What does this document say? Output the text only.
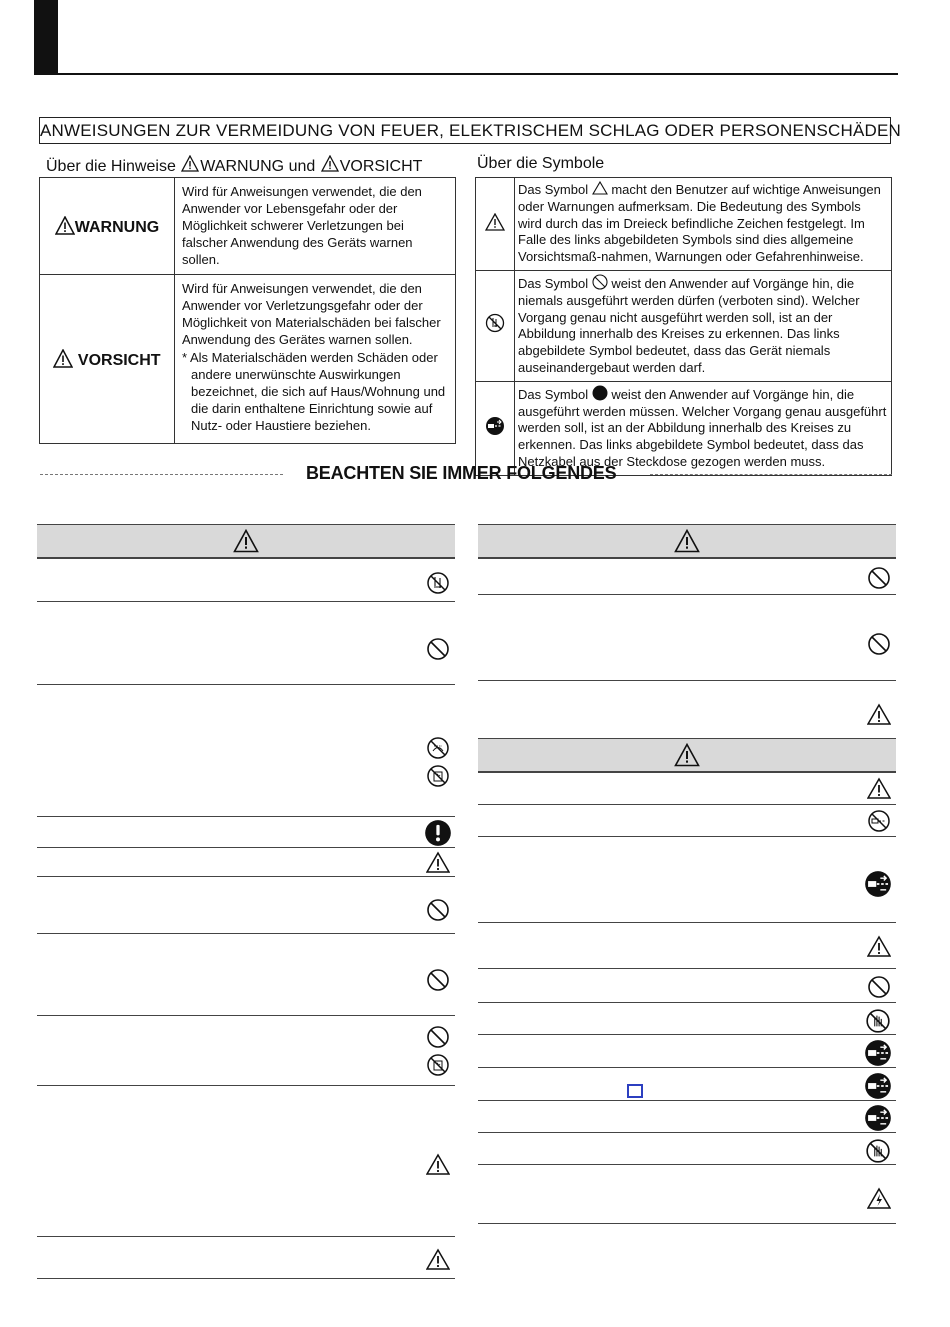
ANWEISUNGEN ZUR VERMEIDUNG VON FEUER, ELEKTRISCHEM SCHLAG ODER PERSONENSCHÄDEN
Über die Hinweise WARNUNG und VORSICHT
WARNUNG	Wird für Anweisungen verwendet, die den Anwender vor Lebensgefahr oder der Möglichkeit schwerer Verletzungen bei falscher Anwendung des Geräts warnen sollen.
VORSICHT	Wird für Anweisungen verwendet, die den Anwender vor Verletzungsgefahr oder der Möglichkeit von Materialschäden bei falscher Anwendung des Gerätes warnen sollen.
* Als Materialschäden werden Schäden oder andere unerwünschte Auswirkungen bezeichnet, die sich auf Haus/Wohnung und die darin enthaltene Einrichtung sowie auf Nutz- oder Haustiere beziehen.
Über die Symbole
	Das Symbol  macht den Benutzer auf wichtige Anweisungen oder Warnungen aufmerksam. Die Bedeutung des Symbols wird durch das im Dreieck befindliche Zeichen festgelegt. Im Falle des links abgebildeten Symbols sind dies allgemeine Vorsichtsmaß-nahmen, Warnungen oder Gefahrenhinweise.
	Das Symbol  weist den Anwender auf Vorgänge hin, die niemals ausgeführt werden dürfen (verboten sind). Welcher Vorgang genau nicht ausgeführt werden soll, ist an der Abbildung innerhalb des Kreises zu erkennen. Das links abgebildete Symbol bedeutet, dass das Gerät niemals auseinandergebaut werden darf.
	Das Symbol  weist den Anwender auf Vorgänge hin, die ausgeführt werden müssen. Welcher Vorgang genau ausgeführt werden soll, ist an der Abbildung innerhalb des Kreises zu erkennen. Das links abgebildete Symbol bedeutet, dass das Netzkabel aus der Steckdose gezogen werden muss.
BEACHTEN SIE IMMER FOLGENDES
